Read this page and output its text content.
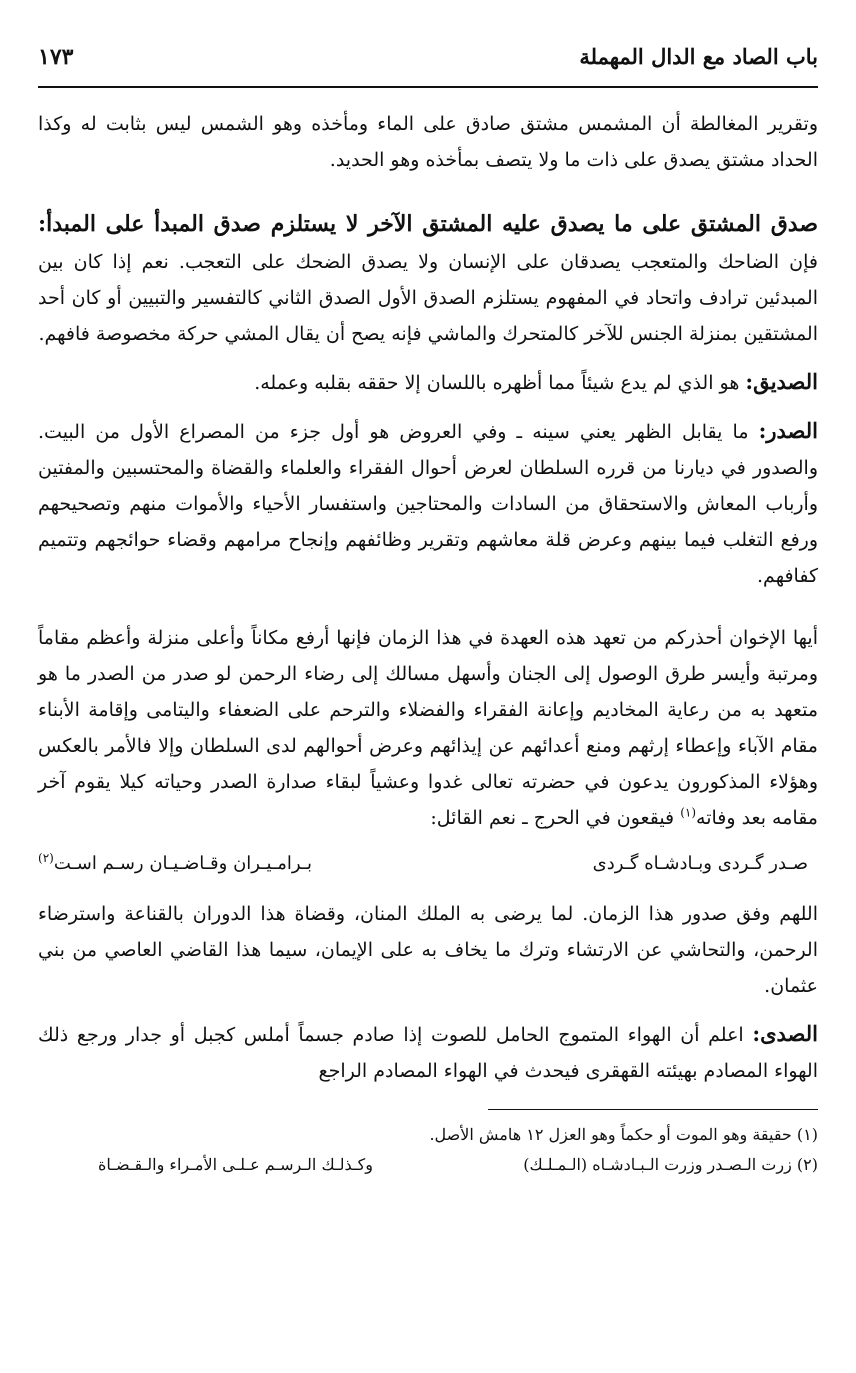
باب الصاد مع الدال المهملة
١٧٣

وتقرير المغالطة أن المشمس مشتق صادق على الماء ومأخذه وهو الشمس ليس بثابت له وكذا الحداد مشتق يصدق على ذات ما ولا يتصف بمأخذه وهو الحديد.

صدق المشتق على ما يصدق عليه المشتق الآخر لا يستلزم صدق المبدأ على المبدأ: فإن الضاحك والمتعجب يصدقان على الإنسان ولا يصدق الضحك على التعجب. نعم إذا كان بين المبدئين ترادف واتحاد في المفهوم يستلزم الصدق الأول الصدق الثاني كالتفسير والتبيين أو كان أحد المشتقين بمنزلة الجنس للآخر كالمتحرك والماشي فإنه يصح أن يقال المشي حركة مخصوصة فافهم.

الصديق: هو الذي لم يدع شيئاً مما أظهره باللسان إلا حققه بقلبه وعمله.

الصدر: ما يقابل الظهر يعني سينه ـ وفي العروض هو أول جزء من المصراع الأول من البيت. والصدور في ديارنا من قرره السلطان لعرض أحوال الفقراء والعلماء والقضاة والمحتسبين والمفتين وأرباب المعاش والاستحقاق من السادات والمحتاجين واستفسار الأحياء والأموات منهم وتصحيحهم ورفع التغلب فيما بينهم وعرض قلة معاشهم وتقرير وظائفهم وإنجاح مرامهم وقضاء حوائجهم وتتميم كفافهم.

أيها الإخوان أحذركم من تعهد هذه العهدة في هذا الزمان فإنها أرفع مكاناً وأعلى منزلة وأعظم مقاماً ومرتبة وأيسر طرق الوصول إلى الجنان وأسهل مسالك إلى رضاء الرحمن لو صدر من الصدر ما هو متعهد به من رعاية المخاديم وإعانة الفقراء والفضلاء والترحم على الضعفاء واليتامى وإقامة الأبناء مقام الآباء وإعطاء إرثهم ومنع أعدائهم عن إيذائهم وعرض أحوالهم لدى السلطان وإلا فالأمر بالعكس وهؤلاء المذكورون يدعون في حضرته تعالى غدوا وعشياً لبقاء صدارة الصدر وحياته كيلا يقوم آخر مقامه بعد وفاته$^{(١)}$ فيقعون في الحرج ـ نعم القائل:

صـدر گـردى وبـادشـاه گـردى
بـرامـيـران وقـاضـيـان رسـم اسـت$^{(٢)}$

اللهم وفق صدور هذا الزمان. لما يرضى به الملك المنان، وقضاة هذا الدوران بالقناعة واسترضاء الرحمن، والتحاشي عن الارتشاء وترك ما يخاف به على الإيمان، سيما هذا القاضي العاصي من بني عثمان.

الصدى: اعلم أن الهواء المتموج الحامل للصوت إذا صادم جسماً أملس كجبل أو جدار ورجع ذلك الهواء المصادم بهيئته القهقرى فيحدث في الهواء المصادم الراجع

(١) حقيقة وهو الموت أو حكماً وهو العزل ١٢ هامش الأصل.
(٢) زرت الـصـدر وزرت الـبـادشـاه (الـمـلـك)
وكـذلـك الـرسـم عـلـى الأمـراء والـقـضـاة
